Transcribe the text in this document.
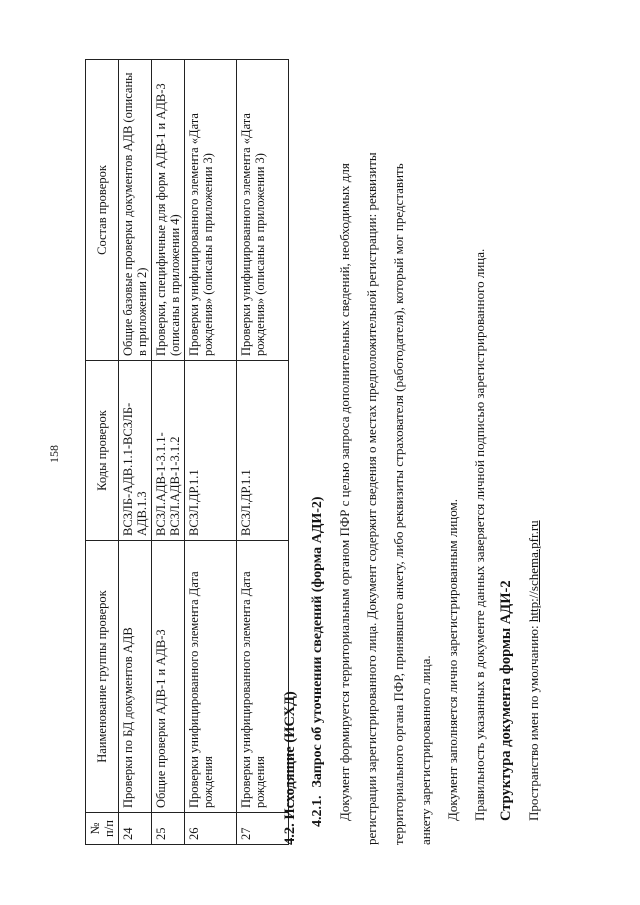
158
№ п/п	Наименование группы проверок	Коды проверок	Состав проверок
24	Проверки по БД документов АДВ	ВСЗЛБ-АДВ.1.1-ВСЗЛБ-АДВ.1.3	Общие базовые проверки документов АДВ (описаны в приложении 2)
25	Общие проверки АДВ-1 и АДВ-3	ВСЗЛ.АДВ-1-3.1.1-ВСЗЛ.АДВ-1-3.1.2	Проверки, специфичные для форм АДВ-1 и АДВ-3 (описаны в приложении 4)
26	Проверки унифицированного элемента Дата рождения	ВСЗЛ.ДР.1.1	Проверки унифицированного элемента «Дата рождения» (описаны в приложении 3)
27	Проверки унифицированного элемента Дата рождения	ВСЗЛ.ДР.1.1	Проверки унифицированного элемента «Дата рождения» (описаны в приложении 3)

4.2. Исходящие (ИСХД) 4.2.1.Запрос об уточнении сведений (форма АДИ-2) Документ формируется территориальным органом ПФР с целью запроса дополнительных сведений, необходимых для регистрации зарегистрированного лица. Документ содержит сведения о местах предположительной регистрации: реквизиты территориального органа ПФР, принявшего анкету, либо реквизиты страхователя (работодателя), который мог представить анкету зарегистрированного лица. Документ заполняется лично зарегистрированным лицом. Правильность указанных в документе данных заверяется личной подписью зарегистрированного лица. Структура документа формы АДИ-2 Пространство имен по умолчанию: http://schema.pfr.ru
